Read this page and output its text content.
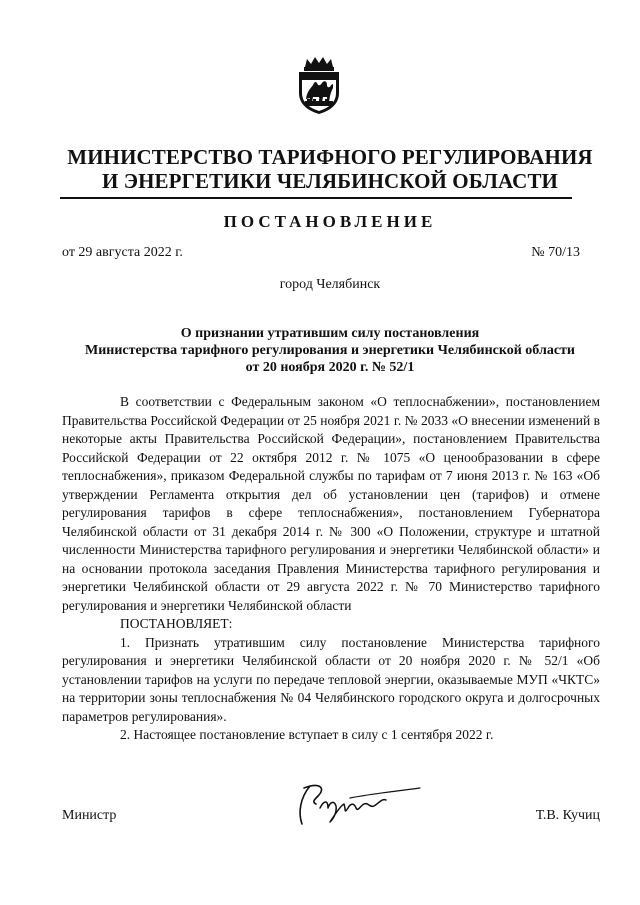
МИНИСТЕРСТВО ТАРИФНОГО РЕГУЛИРОВАНИЯ
И ЭНЕРГЕТИКИ ЧЕЛЯБИНСКОЙ ОБЛАСТИ
ПОСТАНОВЛЕНИЕ
от 29 августа 2022 г.	№ 70/13
город Челябинск
О признании утратившим силу постановления
Министерства тарифного регулирования и энергетики Челябинской области
от 20 ноября 2020 г. № 52/1

В соответствии с Федеральным законом «О теплоснабжении», постановлением Правительства Российской Федерации от 25 ноября 2021 г. № 2033 «О внесении изменений в некоторые акты Правительства Российской Федерации», постановлением Правительства Российской Федерации от 22 октября 2012 г. № 1075 «О ценообразовании в сфере теплоснабжения», приказом Федеральной службы по тарифам от 7 июня 2013 г. № 163 «Об утверждении Регламента открытия дел об установлении цен (тарифов) и отмене регулирования тарифов в сфере теплоснабжения», постановлением Губернатора Челябинской области от 31 декабря 2014 г. № 300 «О Положении, структуре и штатной численности Министерства тарифного регулирования и энергетики Челябинской области» и на основании протокола заседания Правления Министерства тарифного регулирования и энергетики Челябинской области от 29 августа 2022 г. № 70 Министерство тарифного регулирования и энергетики Челябинской области

ПОСТАНОВЛЯЕТ:

1. Признать утратившим силу постановление Министерства тарифного регулирования и энергетики Челябинской области от 20 ноября 2020 г. № 52/1 «Об установлении тарифов на услуги по передаче тепловой энергии, оказываемые МУП «ЧКТС» на территории зоны теплоснабжения № 04 Челябинского городского округа и долгосрочных параметров регулирования».

2. Настоящее постановление вступает в силу с 1 сентября 2022 г.

Министр	Т.В. Кучиц
